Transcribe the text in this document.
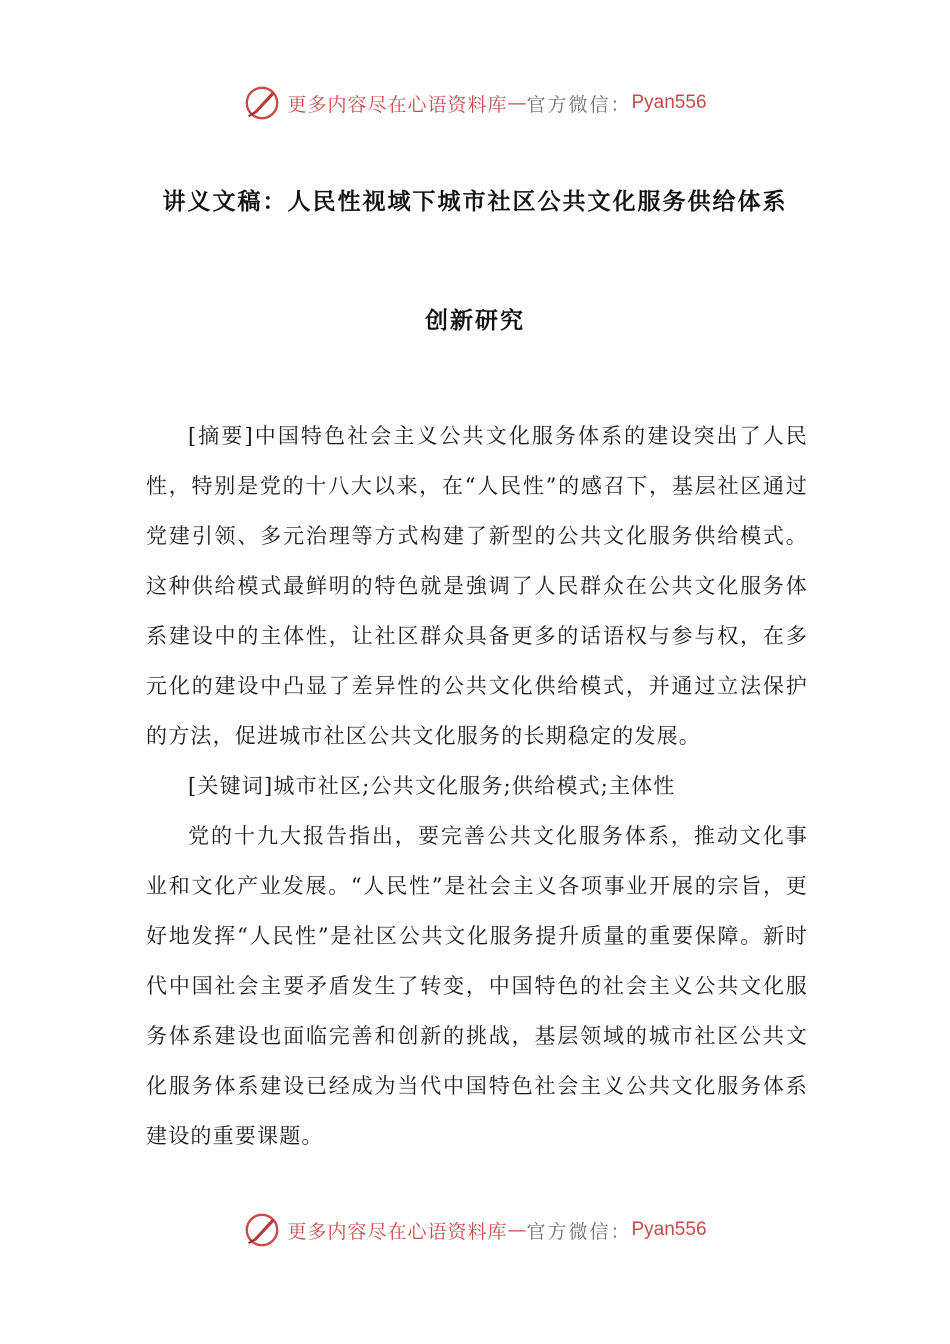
更多内容尽在心语资料库 — 官方微信： Pyan556
讲义文稿：人民性视域下城市社区公共文化服务供给体系
创新研究

[摘要]中国特色社会主义公共文化服务体系的建设突出了人民性，特别是党的十八大以来，在“人民性”的感召下，基层社区通过党建引领、多元治理等方式构建了新型的公共文化服务供给模式。这种供给模式最鲜明的特色就是強调了人民群众在公共文化服务体系建设中的主体性，让社区群众具备更多的话语权与参与权，在多元化的建设中凸显了差异性的公共文化供给模式，并通过立法保护的方法，促进城市社区公共文化服务的长期稳定的发展。

[关键词]城市社区;公共文化服务;供给模式;主体性

党的十九大报告指出，要完善公共文化服务体系，推动文化事业和文化产业发展。“人民性”是社会主义各项事业开展的宗旨，更好地发挥“人民性”是社区公共文化服务提升质量的重要保障。新时代中国社会主要矛盾发生了转变，中国特色的社会主义公共文化服务体系建设也面临完善和创新的挑战，基层领域的城市社区公共文化服务体系建设已经成为当代中国特色社会主义公共文化服务体系建设的重要课题。

更多内容尽在心语资料库 — 官方微信： Pyan556
